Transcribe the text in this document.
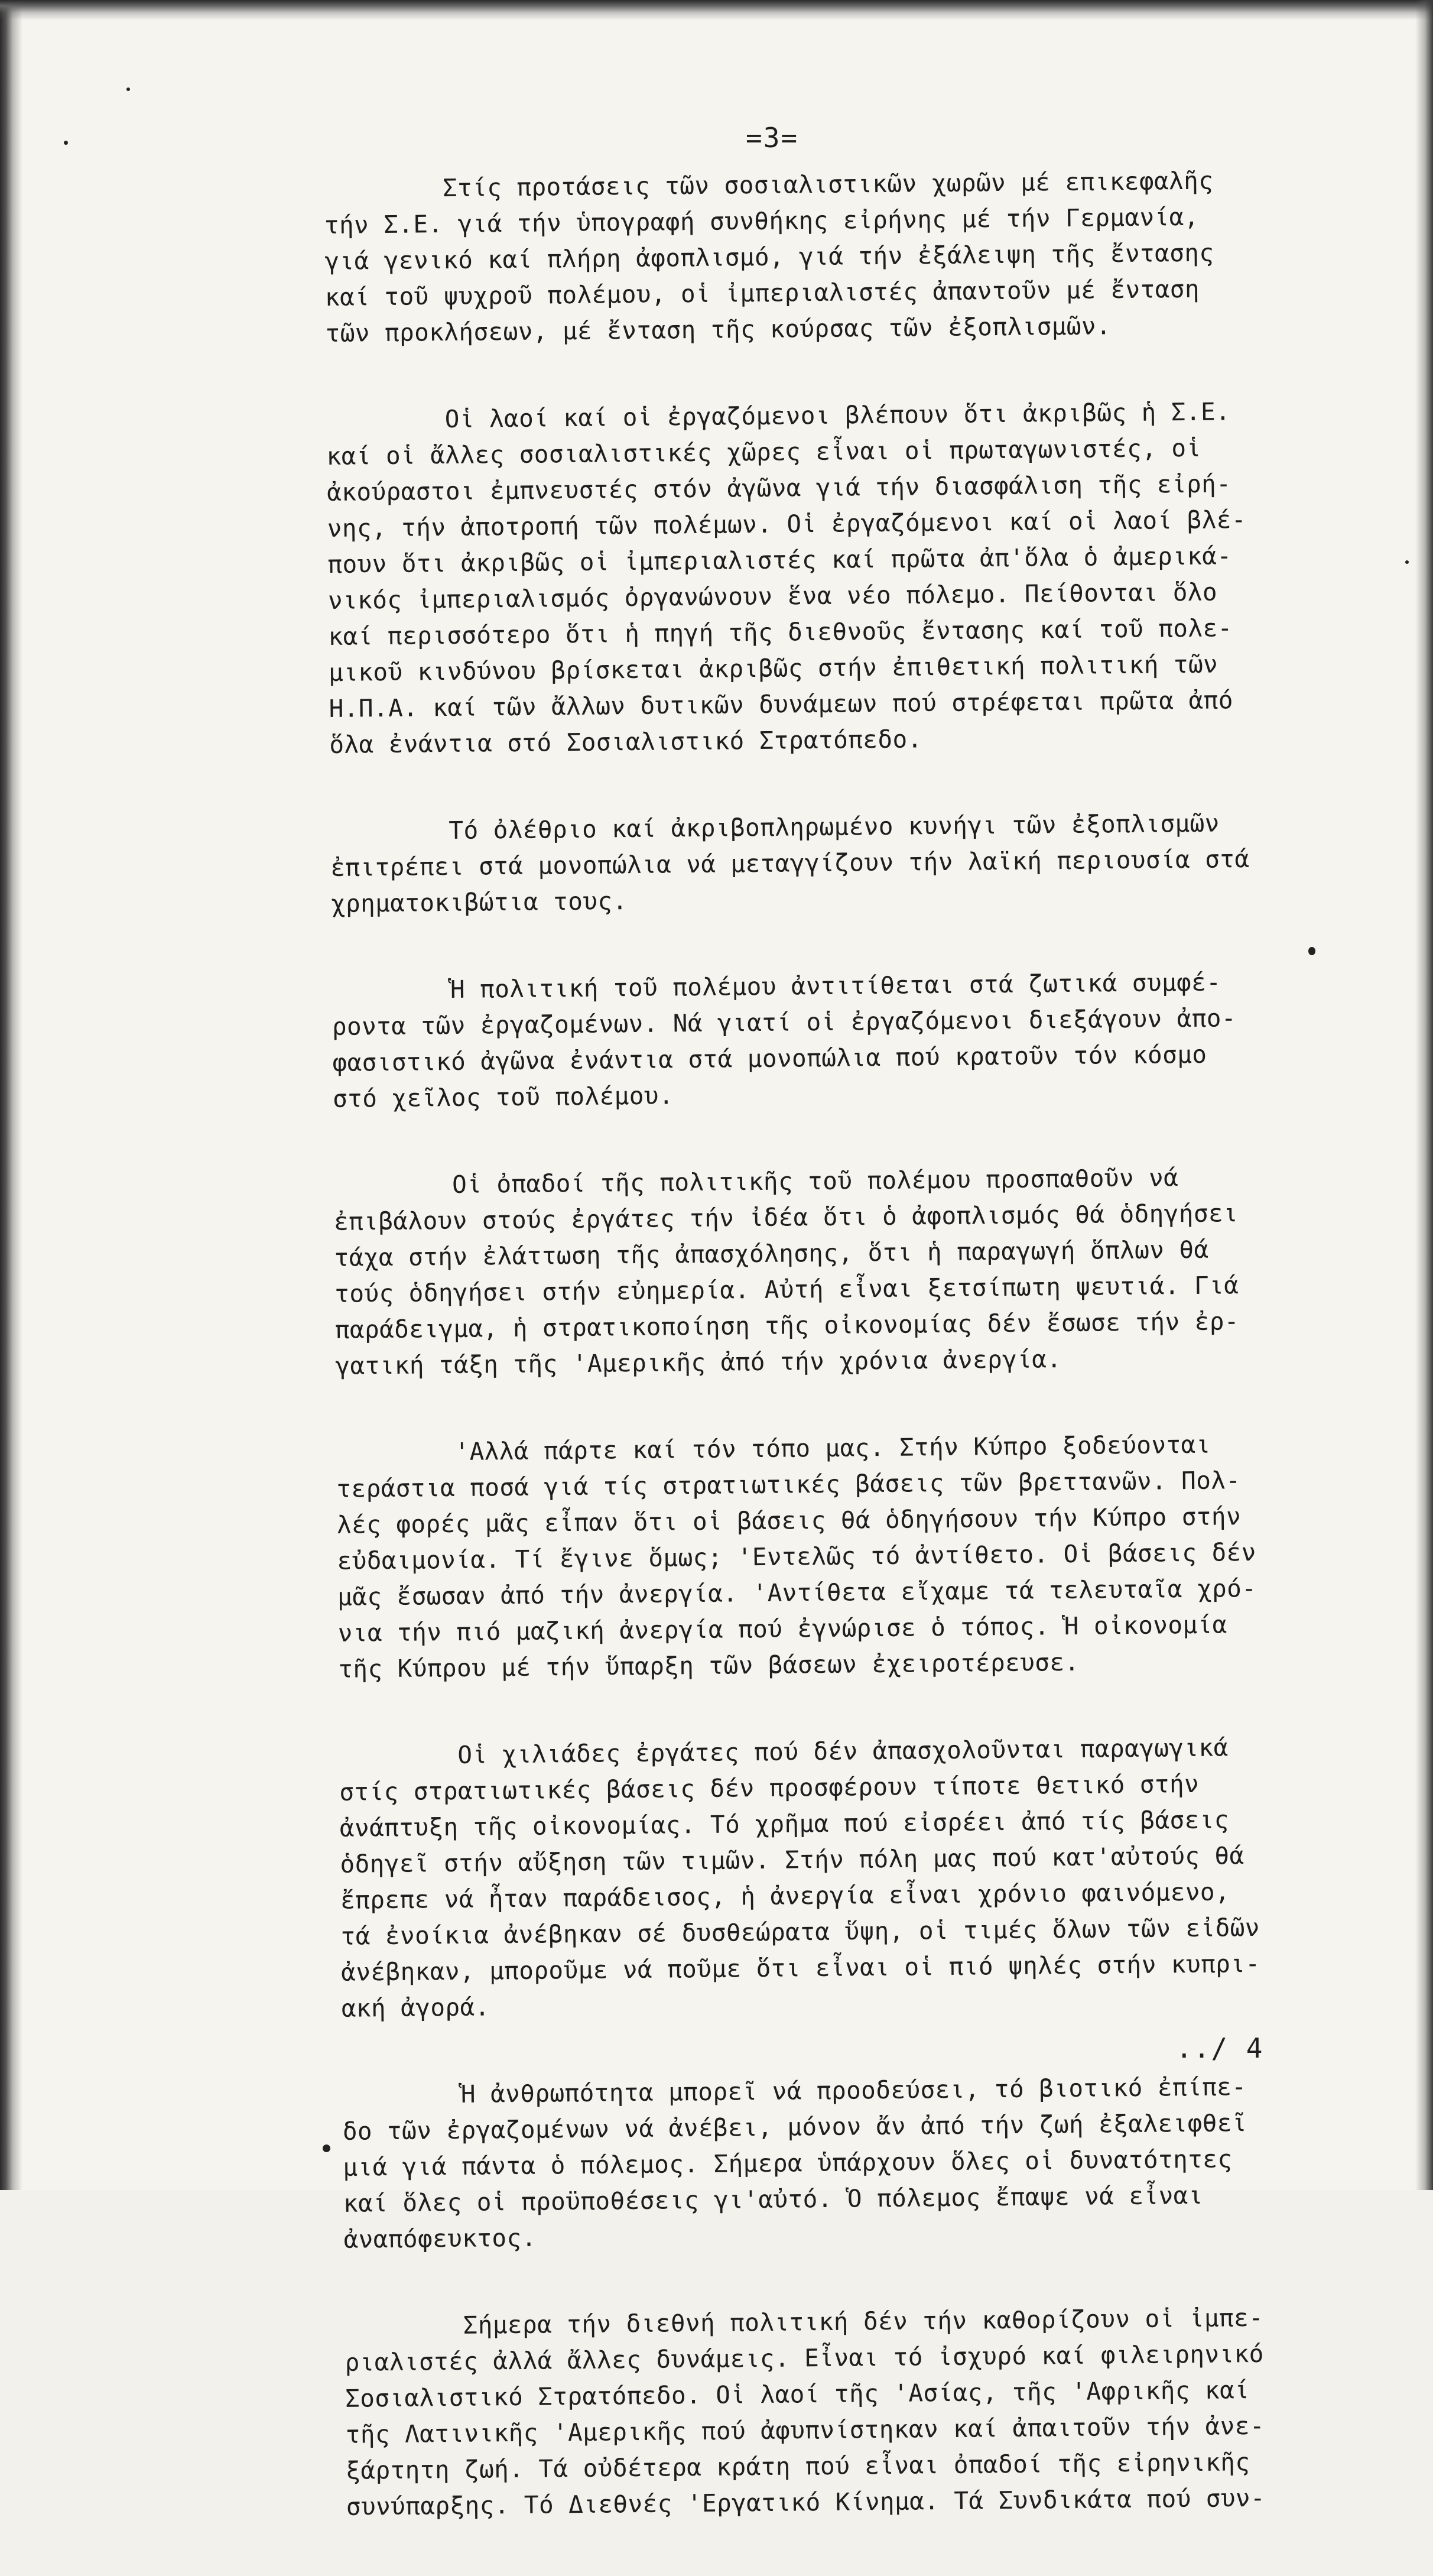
=3=
Στίς προτάσεις τῶν σοσιαλιστικῶν χωρῶν μέ επικεφαλῆς
τήν Σ.Ε. γιά τήν ὑπογραφή συνθήκης εἰρήνης μέ τήν Γερμανία,
γιά γενικό καί πλήρη ἀφοπλισμό, γιά τήν ἐξάλειψη τῆς ἔντασης
καί τοῦ ψυχροῦ πολέμου, οἱ ἰμπεριαλιστές ἀπαντοῦν μέ ἔνταση
τῶν προκλήσεων, μέ ἔνταση τῆς κούρσας τῶν ἐξοπλισμῶν.
Οἱ λαοί καί οἱ ἐργαζόμενοι βλέπουν ὅτι ἀκριβῶς ἡ Σ.Ε.
καί οἱ ἄλλες σοσιαλιστικές χῶρες εἶναι οἱ πρωταγωνιστές, οἱ
ἀκούραστοι ἐμπνευστές στόν ἀγῶνα γιά τήν διασφάλιση τῆς εἰρή-
νης, τήν ἀποτροπή τῶν πολέμων. Οἱ ἐργαζόμενοι καί οἱ λαοί βλέ-
πουν ὅτι ἀκριβῶς οἱ ἰμπεριαλιστές καί πρῶτα ἀπ'ὅλα ὁ ἀμερικά-
νικός ἰμπεριαλισμός ὀργανώνουν ἕνα νέο πόλεμο. Πείθονται ὅλο
καί περισσότερο ὅτι ἡ πηγή τῆς διεθνοῦς ἔντασης καί τοῦ πολε-
μικοῦ κινδύνου βρίσκεται ἀκριβῶς στήν ἐπιθετική πολιτική τῶν
Η.Π.Α. καί τῶν ἄλλων δυτικῶν δυνάμεων πού στρέφεται πρῶτα ἀπό
ὅλα ἐνάντια στό Σοσιαλιστικό Στρατόπεδο.
Τό ὀλέθριο καί ἀκριβοπληρωμένο κυνήγι τῶν ἐξοπλισμῶν
ἐπιτρέπει στά μονοπώλια νά μεταγγίζουν τήν λαϊκή περιουσία στά
χρηματοκιβώτια τους.
Ἡ πολιτική τοῦ πολέμου ἀντιτίθεται στά ζωτικά συμφέ-
ροντα τῶν ἐργαζομένων. Νά γιατί οἱ ἐργαζόμενοι διεξάγουν ἀπο-
φασιστικό ἀγῶνα ἐνάντια στά μονοπώλια πού κρατοῦν τόν κόσμο
στό χεῖλος τοῦ πολέμου.
Οἱ ὀπαδοί τῆς πολιτικῆς τοῦ πολέμου προσπαθοῦν νά
ἐπιβάλουν στούς ἐργάτες τήν ἰδέα ὅτι ὁ ἀφοπλισμός θά ὁδηγήσει
τάχα στήν ἐλάττωση τῆς ἀπασχόλησης, ὅτι ἡ παραγωγή ὅπλων θά
τούς ὁδηγήσει στήν εὐημερία. Αὐτή εἶναι ξετσίπωτη ψευτιά. Γιά
παράδειγμα, ἡ στρατικοποίηση τῆς οἰκονομίας δέν ἔσωσε τήν ἐρ-
γατική τάξη τῆς 'Αμερικῆς ἀπό τήν χρόνια ἀνεργία.
'Αλλά πάρτε καί τόν τόπο μας. Στήν Κύπρο ξοδεύονται
τεράστια ποσά γιά τίς στρατιωτικές βάσεις τῶν βρεττανῶν. Πολ-
λές φορές μᾶς εἶπαν ὅτι οἱ βάσεις θά ὁδηγήσουν τήν Κύπρο στήν
εὐδαιμονία. Τί ἔγινε ὅμως; 'Εντελῶς τό ἀντίθετο. Οἱ βάσεις δέν
μᾶς ἔσωσαν ἀπό τήν ἀνεργία. 'Αντίθετα εἴχαμε τά τελευταῖα χρό-
νια τήν πιό μαζική ἀνεργία πού ἐγνώρισε ὁ τόπος. Ἡ οἰκονομία
τῆς Κύπρου μέ τήν ὕπαρξη τῶν βάσεων ἐχειροτέρευσε.
Οἱ χιλιάδες ἐργάτες πού δέν ἀπασχολοῦνται παραγωγικά
στίς στρατιωτικές βάσεις δέν προσφέρουν τίποτε θετικό στήν
ἀνάπτυξη τῆς οἰκονομίας. Τό χρῆμα πού εἰσρέει ἀπό τίς βάσεις
ὁδηγεῖ στήν αὔξηση τῶν τιμῶν. Στήν πόλη μας πού κατ'αὐτούς θά
ἔπρεπε νά ἦταν παράδεισος, ἡ ἀνεργία εἶναι χρόνιο φαινόμενο,
τά ἐνοίκια ἀνέβηκαν σέ δυσθεώρατα ὕψη, οἱ τιμές ὅλων τῶν εἰδῶν
ἀνέβηκαν, μποροῦμε νά ποῦμε ὅτι εἶναι οἱ πιό ψηλές στήν κυπρι-
ακή ἀγορά.
Ἡ ἀνθρωπότητα μπορεῖ νά προοδεύσει, τό βιοτικό ἐπίπε-
δο τῶν ἐργαζομένων νά ἀνέβει, μόνον ἄν ἀπό τήν ζωή ἐξαλειφθεῖ
μιά γιά πάντα ὁ πόλεμος. Σήμερα ὑπάρχουν ὅλες οἱ δυνατότητες
καί ὅλες οἱ προϋποθέσεις γι'αὐτό. Ὁ πόλεμος ἔπαψε νά εἶναι
ἀναπόφευκτος.
Σήμερα τήν διεθνή πολιτική δέν τήν καθορίζουν οἱ ἰμπε-
ριαλιστές ἀλλά ἄλλες δυνάμεις. Εἶναι τό ἰσχυρό καί φιλειρηνικό
Σοσιαλιστικό Στρατόπεδο. Οἱ λαοί τῆς 'Ασίας, τῆς 'Αφρικῆς καί
τῆς Λατινικῆς 'Αμερικῆς πού ἀφυπνίστηκαν καί ἀπαιτοῦν τήν ἀνε-
ξάρτητη ζωή. Τά οὐδέτερα κράτη πού εἶναι ὀπαδοί τῆς εἰρηνικῆς
συνύπαρξης. Τό Διεθνές 'Εργατικό Κίνημα. Τά Συνδικάτα πού συν-
../ 4
